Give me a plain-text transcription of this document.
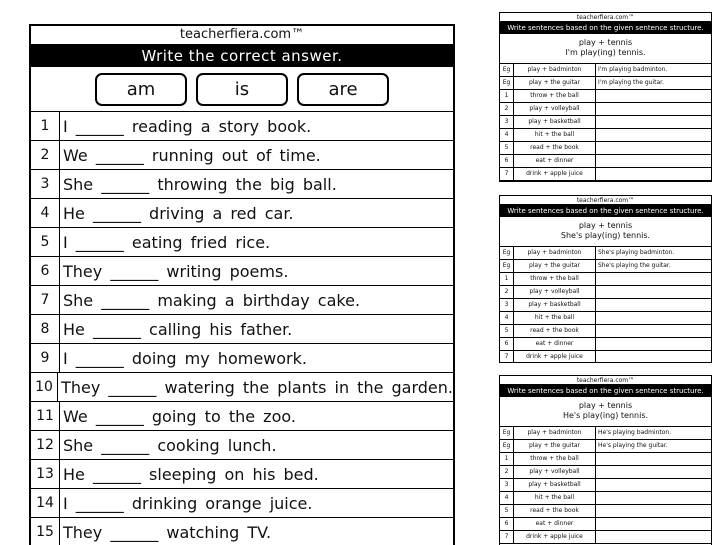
teacherfiera.com™
Write the correct answer.
am	is	are
1 I ______ reading a story book.
2 We ______ running out of time.
3 She ______ throwing the big ball.
4 He ______ driving a red car.
5 I ______ eating fried rice.
6 They ______ writing poems.
7 She ______ making a birthday cake.
8 He ______ calling his father.
9 I ______ doing my homework.
10 They ______ watering the plants in the garden.
11 We ______ going to the zoo.
12 She ______ cooking lunch.
13 He ______ sleeping on his bed.
14 I ______ drinking orange juice.
15 They ______ watching TV.
teacherfiera.com™
Write sentences based on the given sentence structure.
play + tennis
I'm play(ing) tennis.
Eg	play + badminton	I'm playing badminton.
Eg	play + the guitar	I'm playing the guitar.
1	throw + the ball
2	play + volleyball
3	play + basketball
4	hit + the ball
5	read + the book
6	eat + dinner
7	drink + apple juice
teacherfiera.com™
Write sentences based on the given sentence structure.
play + tennis
She's play(ing) tennis.
Eg	play + badminton	She's playing badminton.
Eg	play + the guitar	She's playing the guitar.
1	throw + the ball
2	play + volleyball
3	play + basketball
4	hit + the ball
5	read + the book
6	eat + dinner
7	drink + apple juice
teacherfiera.com™
Write sentences based on the given sentence structure.
play + tennis
He's play(ing) tennis.
Eg	play + badminton	He's playing badminton.
Eg	play + the guitar	He's playing the guitar.
1	throw + the ball
2	play + volleyball
3	play + basketball
4	hit + the ball
5	read + the book
6	eat + dinner
7	drink + apple juice
